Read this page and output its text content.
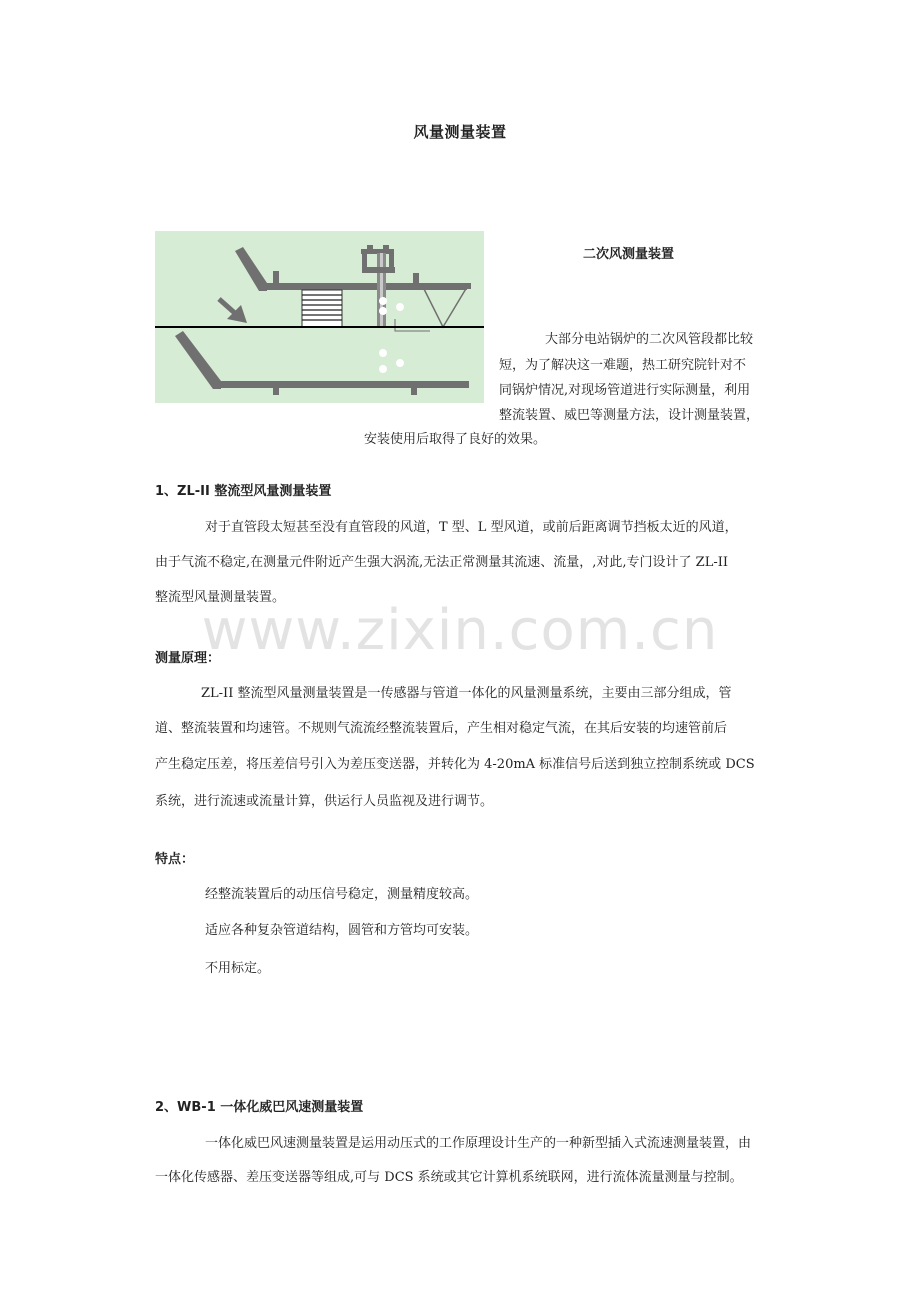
www.zixin.com.cn
风量测量装置
二次风测量装置
大部分电站锅炉的二次风管段都比较
短，为了解决这一难题，热工研究院针对不
同锅炉情况,对现场管道进行实际测量，利用
整流装置、威巴等测量方法，设计测量装置，
安装使用后取得了良好的效果。
1、ZL-II 整流型风量测量装置
对于直管段太短甚至没有直管段的风道，T 型、L 型风道，或前后距离调节挡板太近的风道，
由于气流不稳定,在测量元件附近产生强大涡流,无法正常测量其流速、流量，,对此,专门设计了 ZL-II
整流型风量测量装置。
测量原理：
ZL-II 整流型风量测量装置是一传感器与管道一体化的风量测量系统，主要由三部分组成，管
道、整流装置和均速管。不规则气流流经整流装置后，产生相对稳定气流，在其后安装的均速管前后
产生稳定压差，将压差信号引入为差压变送器，并转化为 4-20mA 标准信号后送到独立控制系统或 DCS
系统，进行流速或流量计算，供运行人员监视及进行调节。
特点：
经整流装置后的动压信号稳定，测量精度较高。
适应各种复杂管道结构，圆管和方管均可安装。
不用标定。
2、WB-1 一体化威巴风速测量装置
一体化威巴风速测量装置是运用动压式的工作原理设计生产的一种新型插入式流速测量装置，由
一体化传感器、差压变送器等组成,可与 DCS 系统或其它计算机系统联网，进行流体流量测量与控制。
